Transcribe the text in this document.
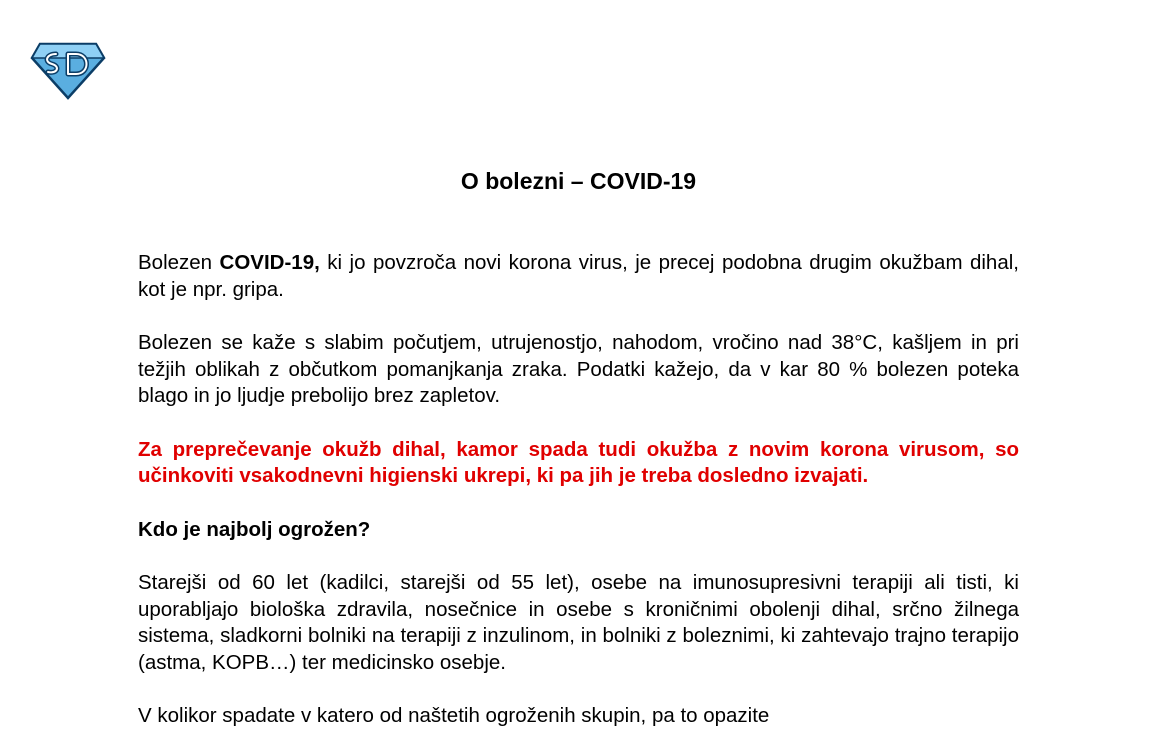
O bolezni – COVID-19

Bolezen COVID-19, ki jo povzroča novi korona virus, je precej podobna drugim okužbam dihal, kot je npr. gripa.

Bolezen se kaže s slabim počutjem, utrujenostjo, nahodom, vročino nad 38°C, kašljem in pri težjih oblikah z občutkom pomanjkanja zraka. Podatki kažejo, da v kar 80 % bolezen poteka blago in jo ljudje prebolijo brez zapletov.

Za preprečevanje okužb dihal, kamor spada tudi okužba z novim korona virusom, so učinkoviti vsakodnevni higienski ukrepi, ki pa jih je treba dosledno izvajati.

Kdo je najbolj ogrožen?

Starejši od 60 let (kadilci, starejši od 55 let), osebe na imunosupresivni terapiji ali tisti, ki uporabljajo biološka zdravila, nosečnice in osebe s kroničnimi obolenji dihal, srčno žilnega sistema, sladkorni bolniki na terapiji z inzulinom, in bolniki z boleznimi, ki zahtevajo trajno terapijo (astma, KOPB…) ter medicinsko osebje.

V kolikor spadate v katero od naštetih ogroženih skupin, pa to opazite
